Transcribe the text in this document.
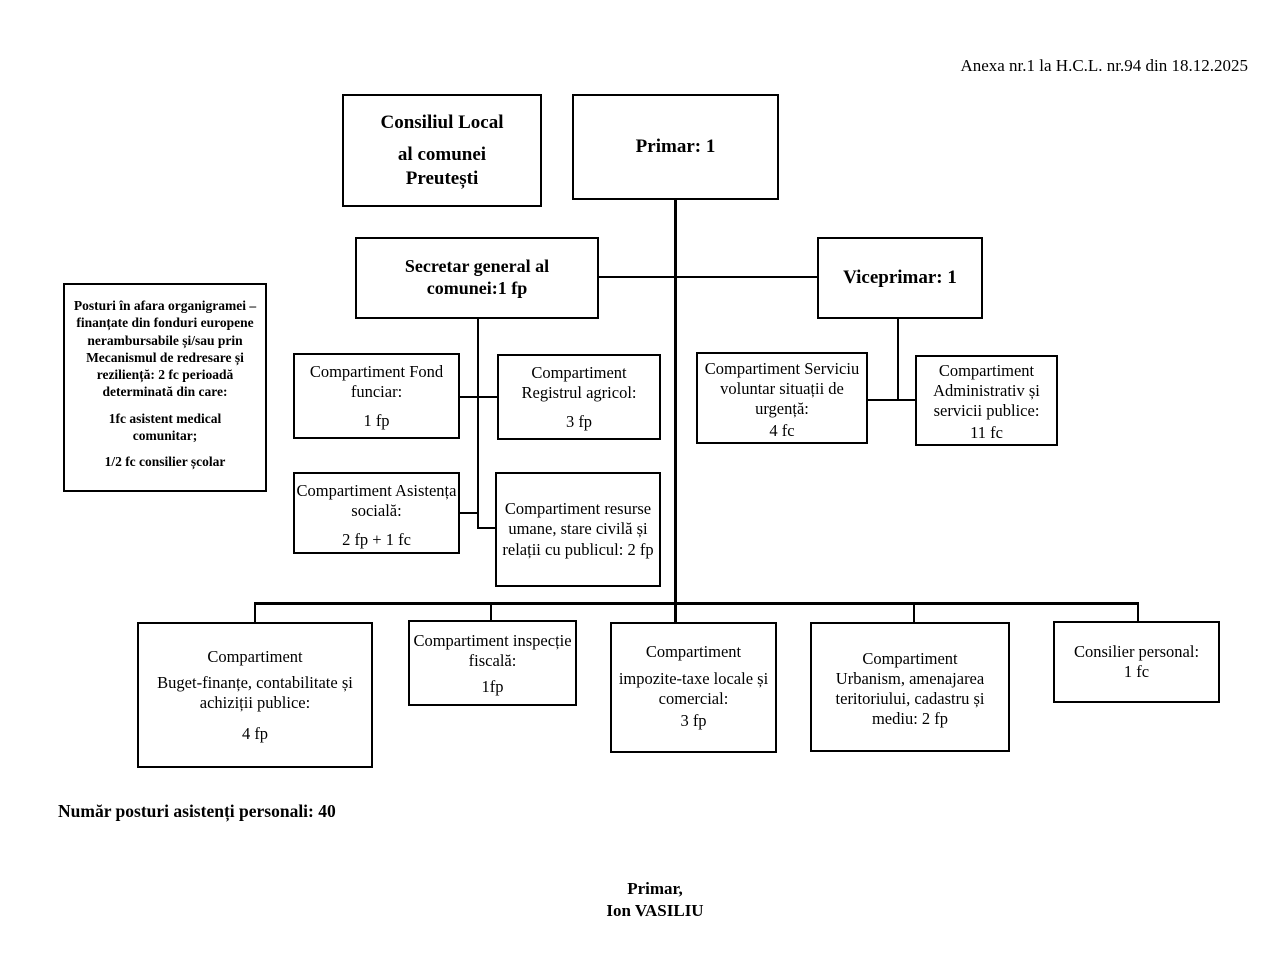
Anexa nr.1 la H.C.L. nr.94 din 18.12.2025
Consiliul Local
al comunei Preutești
Primar: 1
Secretar general al comunei:1 fp	Viceprimar: 1
Posturi în afara organigramei – finanțate din fonduri europene nerambursabile și/sau prin Mecanismul de redresare și reziliență: 2 fc perioadă determinată din care:
1fc asistent medical comunitar;
1/2 fc consilier școlar
Compartiment Fond funciar:
1 fp
Compartiment Registrul agricol:
3 fp
Compartiment Serviciu voluntar situații de urgență:
4 fc
Compartiment Administrativ și servicii publice:
11 fc
Compartiment Asistența socială:
2 fp + 1 fc
Compartiment resurse umane, stare civilă și relații cu publicul: 2 fp
Compartiment
Buget-finanțe, contabilitate și achiziții publice:
4 fp
Compartiment inspecție fiscală:
1fp
Compartiment
impozite-taxe locale și comercial:
3 fp
Compartiment
Urbanism, amenajarea teritoriului, cadastru și mediu: 2 fp
Consilier personal:
1 fc
Număr posturi asistenți personali: 40
Primar,
Ion VASILIU
